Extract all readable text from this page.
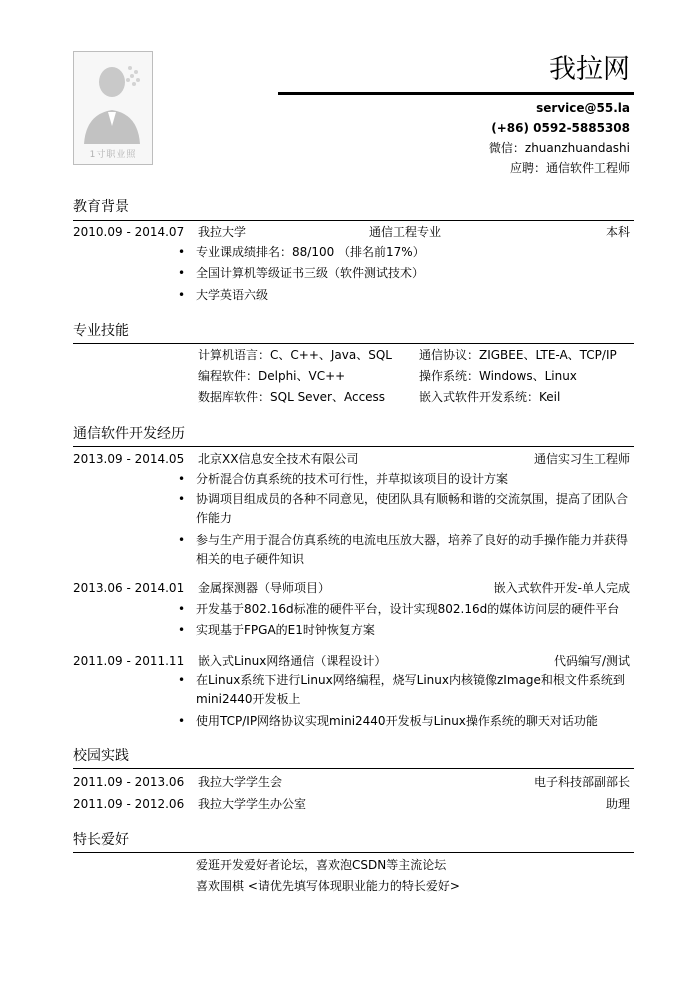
1寸职业照
我拉网
service@55.la
(+86) 0592-5885308
微信：zhuanzhuandashi
应聘：通信软件工程师
教育背景
2010.09 - 2014.07 我拉大学	通信工程专业	本科
• 专业课成绩排名：88/100 （排名前17%）
• 全国计算机等级证书三级（软件测试技术）
• 大学英语六级
专业技能
计算机语言：C、C++、Java、SQL 通信协议：ZIGBEE、LTE-A、TCP/IP
编程软件：Delphi、VC++	操作系统：Windows、Linux
数据库软件：SQL Sever、Access	嵌入式软件开发系统：Keil
通信软件开发经历
2013.09 - 2014.05 北京XX信息安全技术有限公司	通信实习生工程师
• 分析混合仿真系统的技术可行性，并草拟该项目的设计方案
• 协调项目组成员的各种不同意见，使团队具有顺畅和谐的交流氛围，提高了团队合作能力
• 参与生产用于混合仿真系统的电流电压放大器，培养了良好的动手操作能力并获得相关的电子硬件知识
2013.06 - 2014.01 金属探测器（导师项目）	嵌入式软件开发-单人完成
• 开发基于802.16d标准的硬件平台，设计实现802.16d的媒体访问层的硬件平台
• 实现基于FPGA的E1时钟恢复方案
2011.09 - 2011.11 嵌入式Linux网络通信（课程设计）	代码编写/测试
• 在Linux系统下进行Linux网络编程，烧写Linux内核镜像zImage和根文件系统到mini2440开发板上
• 使用TCP/IP网络协议实现mini2440开发板与Linux操作系统的聊天对话功能
校园实践
2011.09 - 2013.06 我拉大学学生会	电子科技部副部长
2011.09 - 2012.06 我拉大学学生办公室	助理
特长爱好
爱逛开发爱好者论坛，喜欢泡CSDN等主流论坛
喜欢围棋 <请优先填写体现职业能力的特长爱好>
